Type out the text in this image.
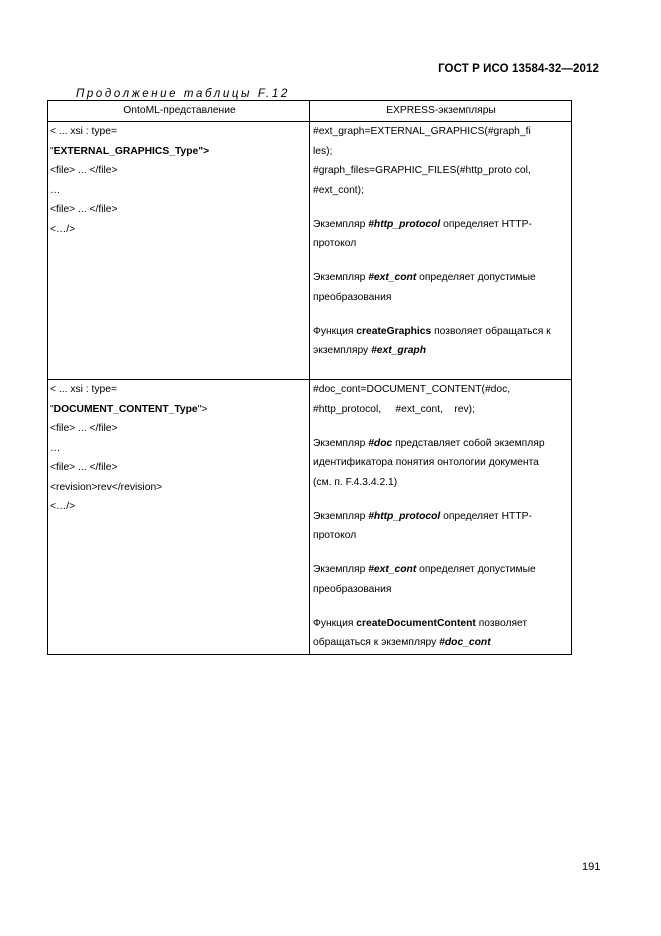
ГОСТ Р ИСО 13584-32—2012
Продолжение таблицы F.12
OntoML-представление	EXPRESS-экземпляры
< ... xsi : type=
"EXTERNAL_GRAPHICS_Type">
<file> ... </file>
…
<file> ... </file>
<…/>
#ext_graph=EXTERNAL_GRAPHICS(#graph_fi
les);
#graph_files=GRAPHIC_FILES(#http_proto col,
#ext_cont);
Экземпляр #http_protocol определяет HTTP-
протокол
Экземпляр #ext_cont определяет допустимые
преобразования
Функция createGraphics позволяет обращаться к
экземпляру #ext_graph
< ... xsi : type=
"DOCUMENT_CONTENT_Type">
<file> ... </file>
…
<file> ... </file>
<revision>rev</revision>
<…/>
#doc_cont=DOCUMENT_CONTENT(#doc,
#http_protocol,     #ext_cont,    rev);
Экземпляр #doc представляет собой экземпляр
идентификатора понятия онтологии документа
(см. п. F.4.3.4.2.1)
Экземпляр #http_protocol определяет HTTP-
протокол
Экземпляр #ext_cont определяет допустимые
преобразования
Функция createDocumentContent позволяет
обращаться к экземпляру #doc_cont
191
